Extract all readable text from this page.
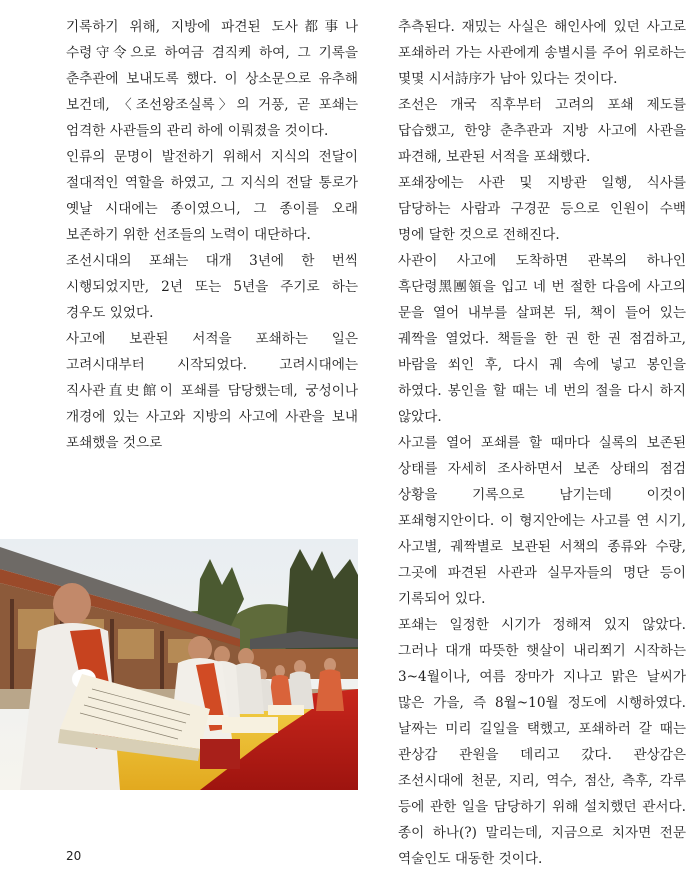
기록하기 위해, 지방에 파견된 도사都事나 수령守令으로 하여금 겸직케 하여, 그 기록을 춘추관에 보내도록 했다. 이 상소문으로 유추해 보건데, 〈조선왕조실록〉의 거풍, 곧 포쇄는 엄격한 사관들의 관리 하에 이뤄졌을 것이다.

인류의 문명이 발전하기 위해서 지식의 전달이 절대적인 역할을 하였고, 그 지식의 전달 통로가 옛날 시대에는 종이였으니, 그 종이를 오래 보존하기 위한 선조들의 노력이 대단하다.

조선시대의 포쇄는 대개 3년에 한 번씩 시행되었지만, 2년 또는 5년을 주기로 하는 경우도 있었다.

사고에 보관된 서적을 포쇄하는 일은 고려시대부터 시작되었다. 고려시대에는 직사관直史館이 포쇄를 담당했는데, 궁성이나 개경에 있는 사고와 지방의 사고에 사관을 보내 포쇄했을 것으로

추측된다. 재밌는 사실은 해인사에 있던 사고로 포쇄하러 가는 사관에게 송별시를 주어 위로하는 몇몇 시서詩序가 남아 있다는 것이다.

조선은 개국 직후부터 고려의 포쇄 제도를 답습했고, 한양 춘추관과 지방 사고에 사관을 파견해, 보관된 서적을 포쇄했다.

포쇄장에는 사관 및 지방관 일행, 식사를 담당하는 사람과 구경꾼 등으로 인원이 수백 명에 달한 것으로 전해진다.

사관이 사고에 도착하면 관복의 하나인 흑단령黑團領을 입고 네 번 절한 다음에 사고의 문을 열어 내부를 살펴본 뒤, 책이 들어 있는 궤짝을 열었다. 책들을 한 권 한 권 점검하고, 바람을 쐬인 후, 다시 궤 속에 넣고 봉인을 하였다. 봉인을 할 때는 네 번의 절을 다시 하지 않았다.

사고를 열어 포쇄를 할 때마다 실록의 보존된 상태를 자세히 조사하면서 보존 상태의 점검 상황을 기록으로 남기는데 이것이 포쇄형지안이다. 이 형지안에는 사고를 연 시기, 사고별, 궤짝별로 보관된 서책의 종류와 수량, 그곳에 파견된 사관과 실무자들의 명단 등이 기록되어 있다.

포쇄는 일정한 시기가 정해져 있지 않았다. 그러나 대개 따뜻한 햇살이 내리쬐기 시작하는 3~4월이나, 여름 장마가 지나고 맑은 날씨가 많은 가을, 즉 8월~10월 정도에 시행하였다. 날짜는 미리 길일을 택했고, 포쇄하러 갈 때는 관상감 관원을 데리고 갔다. 관상감은 조선시대에 천문, 지리, 역수, 점산, 측후, 각루 등에 관한 일을 담당하기 위해 설치했던 관서다. 종이 하나(?) 말리는데, 지금으로 치자면 전문 역술인도 대동한 것이다.

20
